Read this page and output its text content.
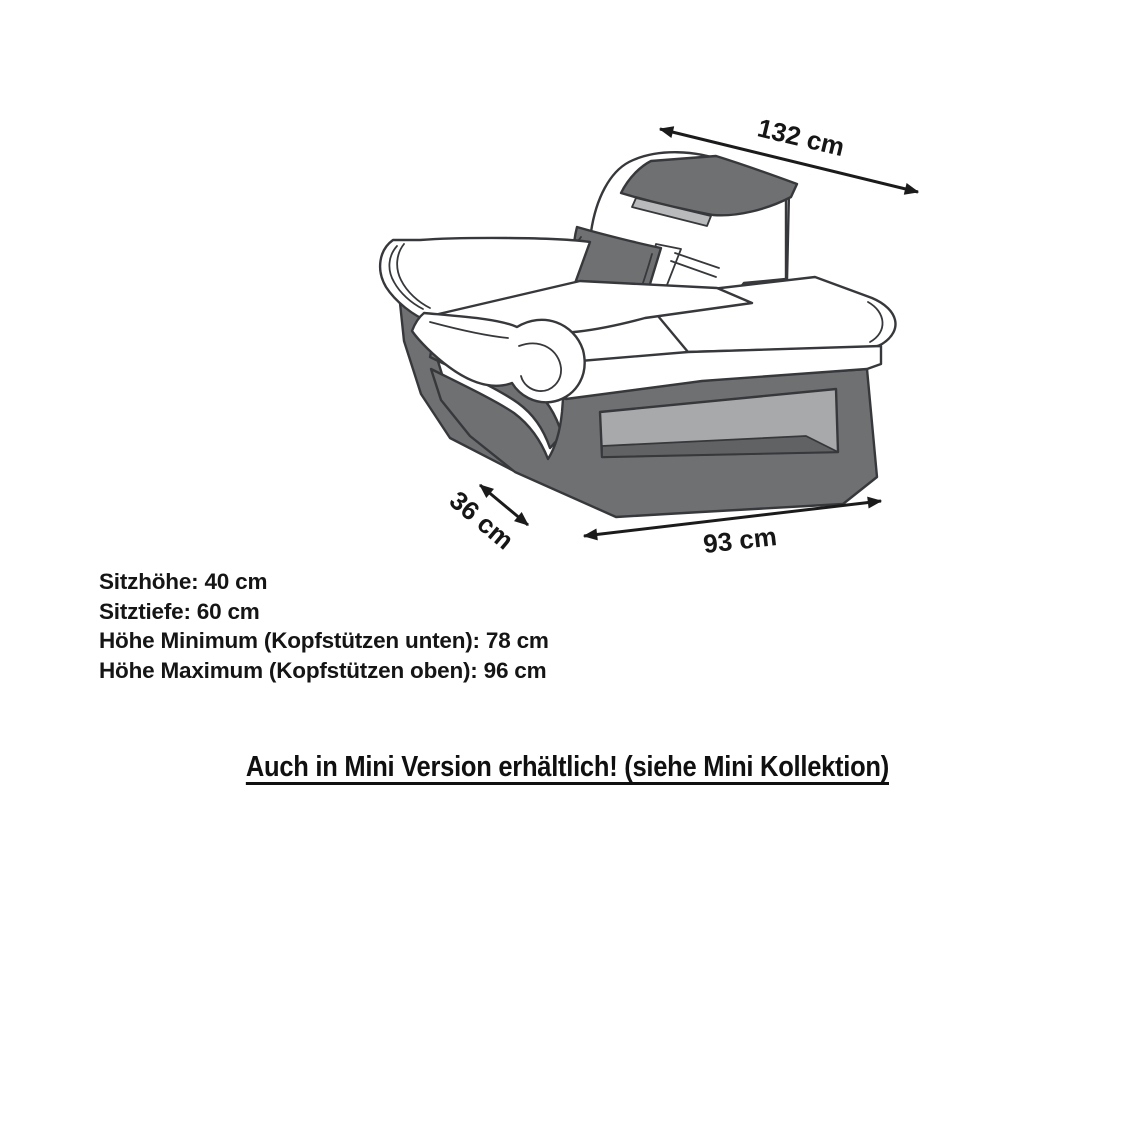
132 cm
36 cm	93 cm
Sitzhöhe: 40 cm
Sitztiefe: 60 cm
Höhe Minimum (Kopfstützen unten): 78 cm
Höhe Maximum (Kopfstützen oben): 96 cm
Auch in Mini Version erhältlich! (siehe Mini Kollektion)
